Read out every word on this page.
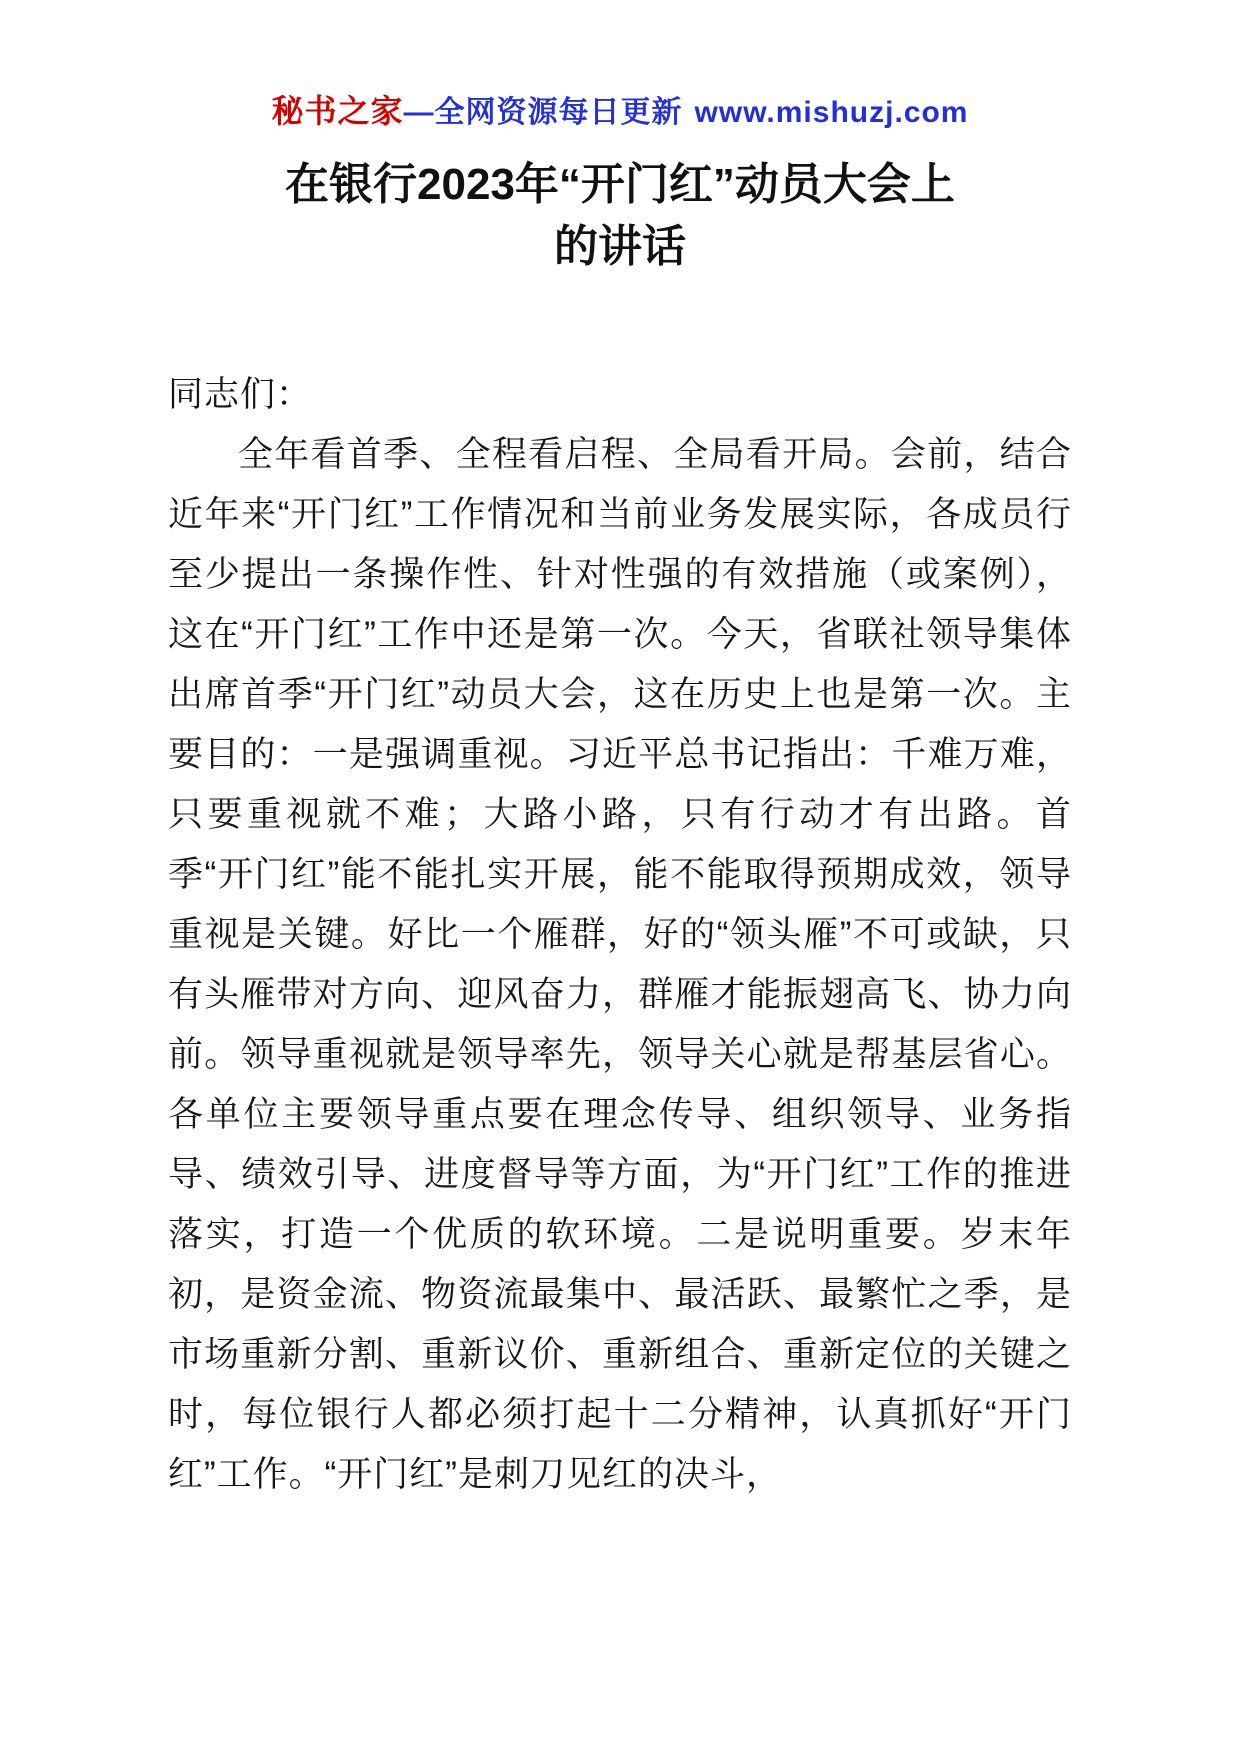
秘书之家—全网资源每日更新 www.mishuzj.com
在银行2023年“开门红”动员大会上
的讲话

同志们：

全年看首季、全程看启程、全局看开局。会前，结合近年来“开门红”工作情况和当前业务发展实际，各成员行至少提出一条操作性、针对性强的有效措施（或案例），这在“开门红”工作中还是第一次。今天，省联社领导集体出席首季“开门红”动员大会，这在历史上也是第一次。主要目的：一是强调重视。习近平总书记指出：千难万难，只要重视就不难；大路小路，只有行动才有出路。首季“开门红”能不能扎实开展，能不能取得预期成效，领导重视是关键。好比一个雁群，好的“领头雁”不可或缺，只有头雁带对方向、迎风奋力，群雁才能振翅高飞、协力向前。领导重视就是领导率先，领导关心就是帮基层省心。各单位主要领导重点要在理念传导、组织领导、业务指导、绩效引导、进度督导等方面，为“开门红”工作的推进落实，打造一个优质的软环境。二是说明重要。岁末年初，是资金流、物资流最集中、最活跃、最繁忙之季，是市场重新分割、重新议价、重新组合、重新定位的关键之时，每位银行人都必须打起十二分精神，认真抓好“开门红”工作。“开门红”是刺刀见红的决斗，
